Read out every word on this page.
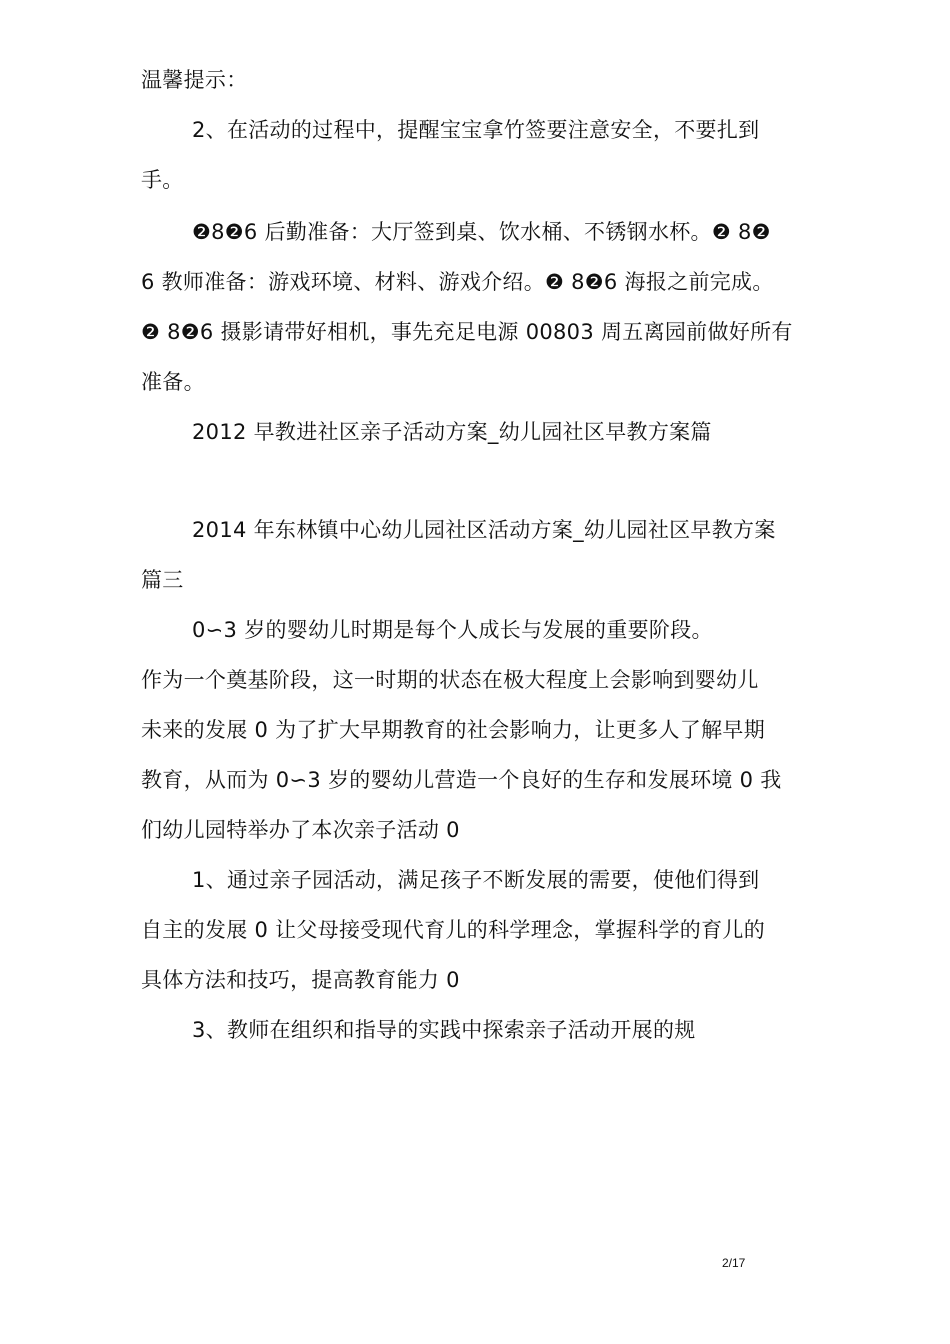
温馨提示：
2、在活动的过程中，提醒宝宝拿竹签要注意安全，不要扎到
手。
❷8❷6 后勤准备：大厅签到桌、饮水桶、不锈钢水杯。❷ 8❷
6 教师准备：游戏环境、材料、游戏介绍。❷ 8❷6 海报之前完成。
❷ 8❷6 摄影请带好相机，事先充足电源 00803 周五离园前做好所有
准备。
2012 早教进社区亲子活动方案_幼儿园社区早教方案篇
2014 年东林镇中心幼儿园社区活动方案_幼儿园社区早教方案
篇三
0∽3 岁的婴幼儿时期是每个人成长与发展的重要阶段。
作为一个奠基阶段，这一时期的状态在极大程度上会影响到婴幼儿
未来的发展 0 为了扩大早期教育的社会影响力，让更多人了解早期
教育，从而为 0∽3 岁的婴幼儿营造一个良好的生存和发展环境 0 我
们幼儿园特举办了本次亲子活动 0
1、通过亲子园活动，满足孩子不断发展的需要，使他们得到
自主的发展 0 让父母接受现代育儿的科学理念，掌握科学的育儿的
具体方法和技巧，提高教育能力 0
3、教师在组织和指导的实践中探索亲子活动开展的规
2/17
